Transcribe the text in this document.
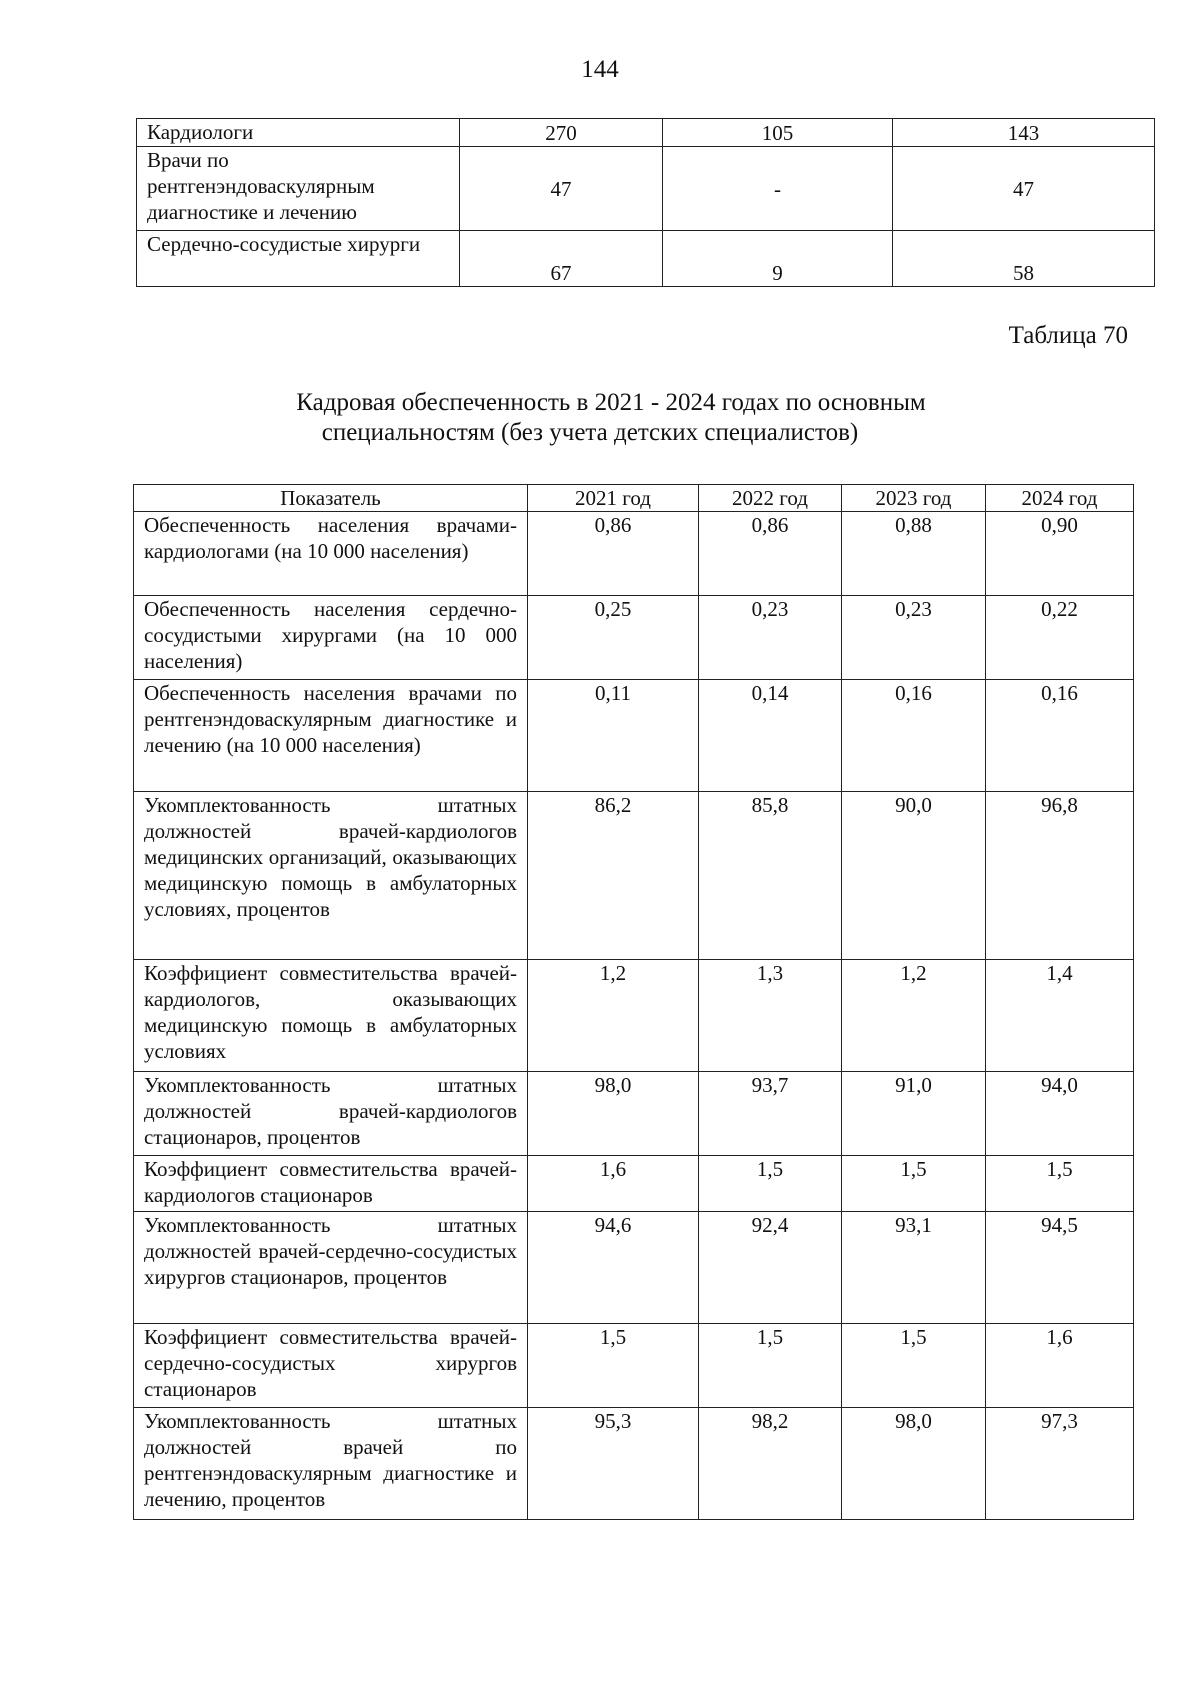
144
Кардиологи	270	105	143
Врачи по рентгенэндоваскулярным диагностике и лечению	47	-	47
Сердечно-сосудистые хирурги	67	9	58
Таблица 70
Кадровая обеспеченность в 2021 - 2024 годах по основным
специальностям (без учета детских специалистов)
Показатель	2021 год	2022 год	2023 год	2024 год
Обеспеченность населения врачами-кардиологами (на 10 000 населения)	0,86	0,86	0,88	0,90
Обеспеченность населения сердечно-сосудистыми хирургами (на 10 000 населения)	0,25	0,23	0,23	0,22
Обеспеченность населения врачами по рентгенэндоваскулярным диагностике и лечению (на 10 000 населения)	0,11	0,14	0,16	0,16
Укомплектованность штатных должностей врачей-кардиологов медицинских организаций, оказывающих медицинскую помощь в амбулаторных условиях, процентов	86,2	85,8	90,0	96,8
Коэффициент совместительства врачей-кардиологов, оказывающих медицинскую помощь в амбулаторных условиях	1,2	1,3	1,2	1,4
Укомплектованность штатных должностей врачей-кардиологов стационаров, процентов	98,0	93,7	91,0	94,0
Коэффициент совместительства врачей-кардиологов стационаров	1,6	1,5	1,5	1,5
Укомплектованность штатных должностей врачей-сердечно-сосудистых хирургов стационаров, процентов	94,6	92,4	93,1	94,5
Коэффициент совместительства врачей-сердечно-сосудистых хирургов стационаров	1,5	1,5	1,5	1,6
Укомплектованность штатных должностей врачей по рентгенэндоваскулярным диагностике и лечению, процентов	95,3	98,2	98,0	97,3
